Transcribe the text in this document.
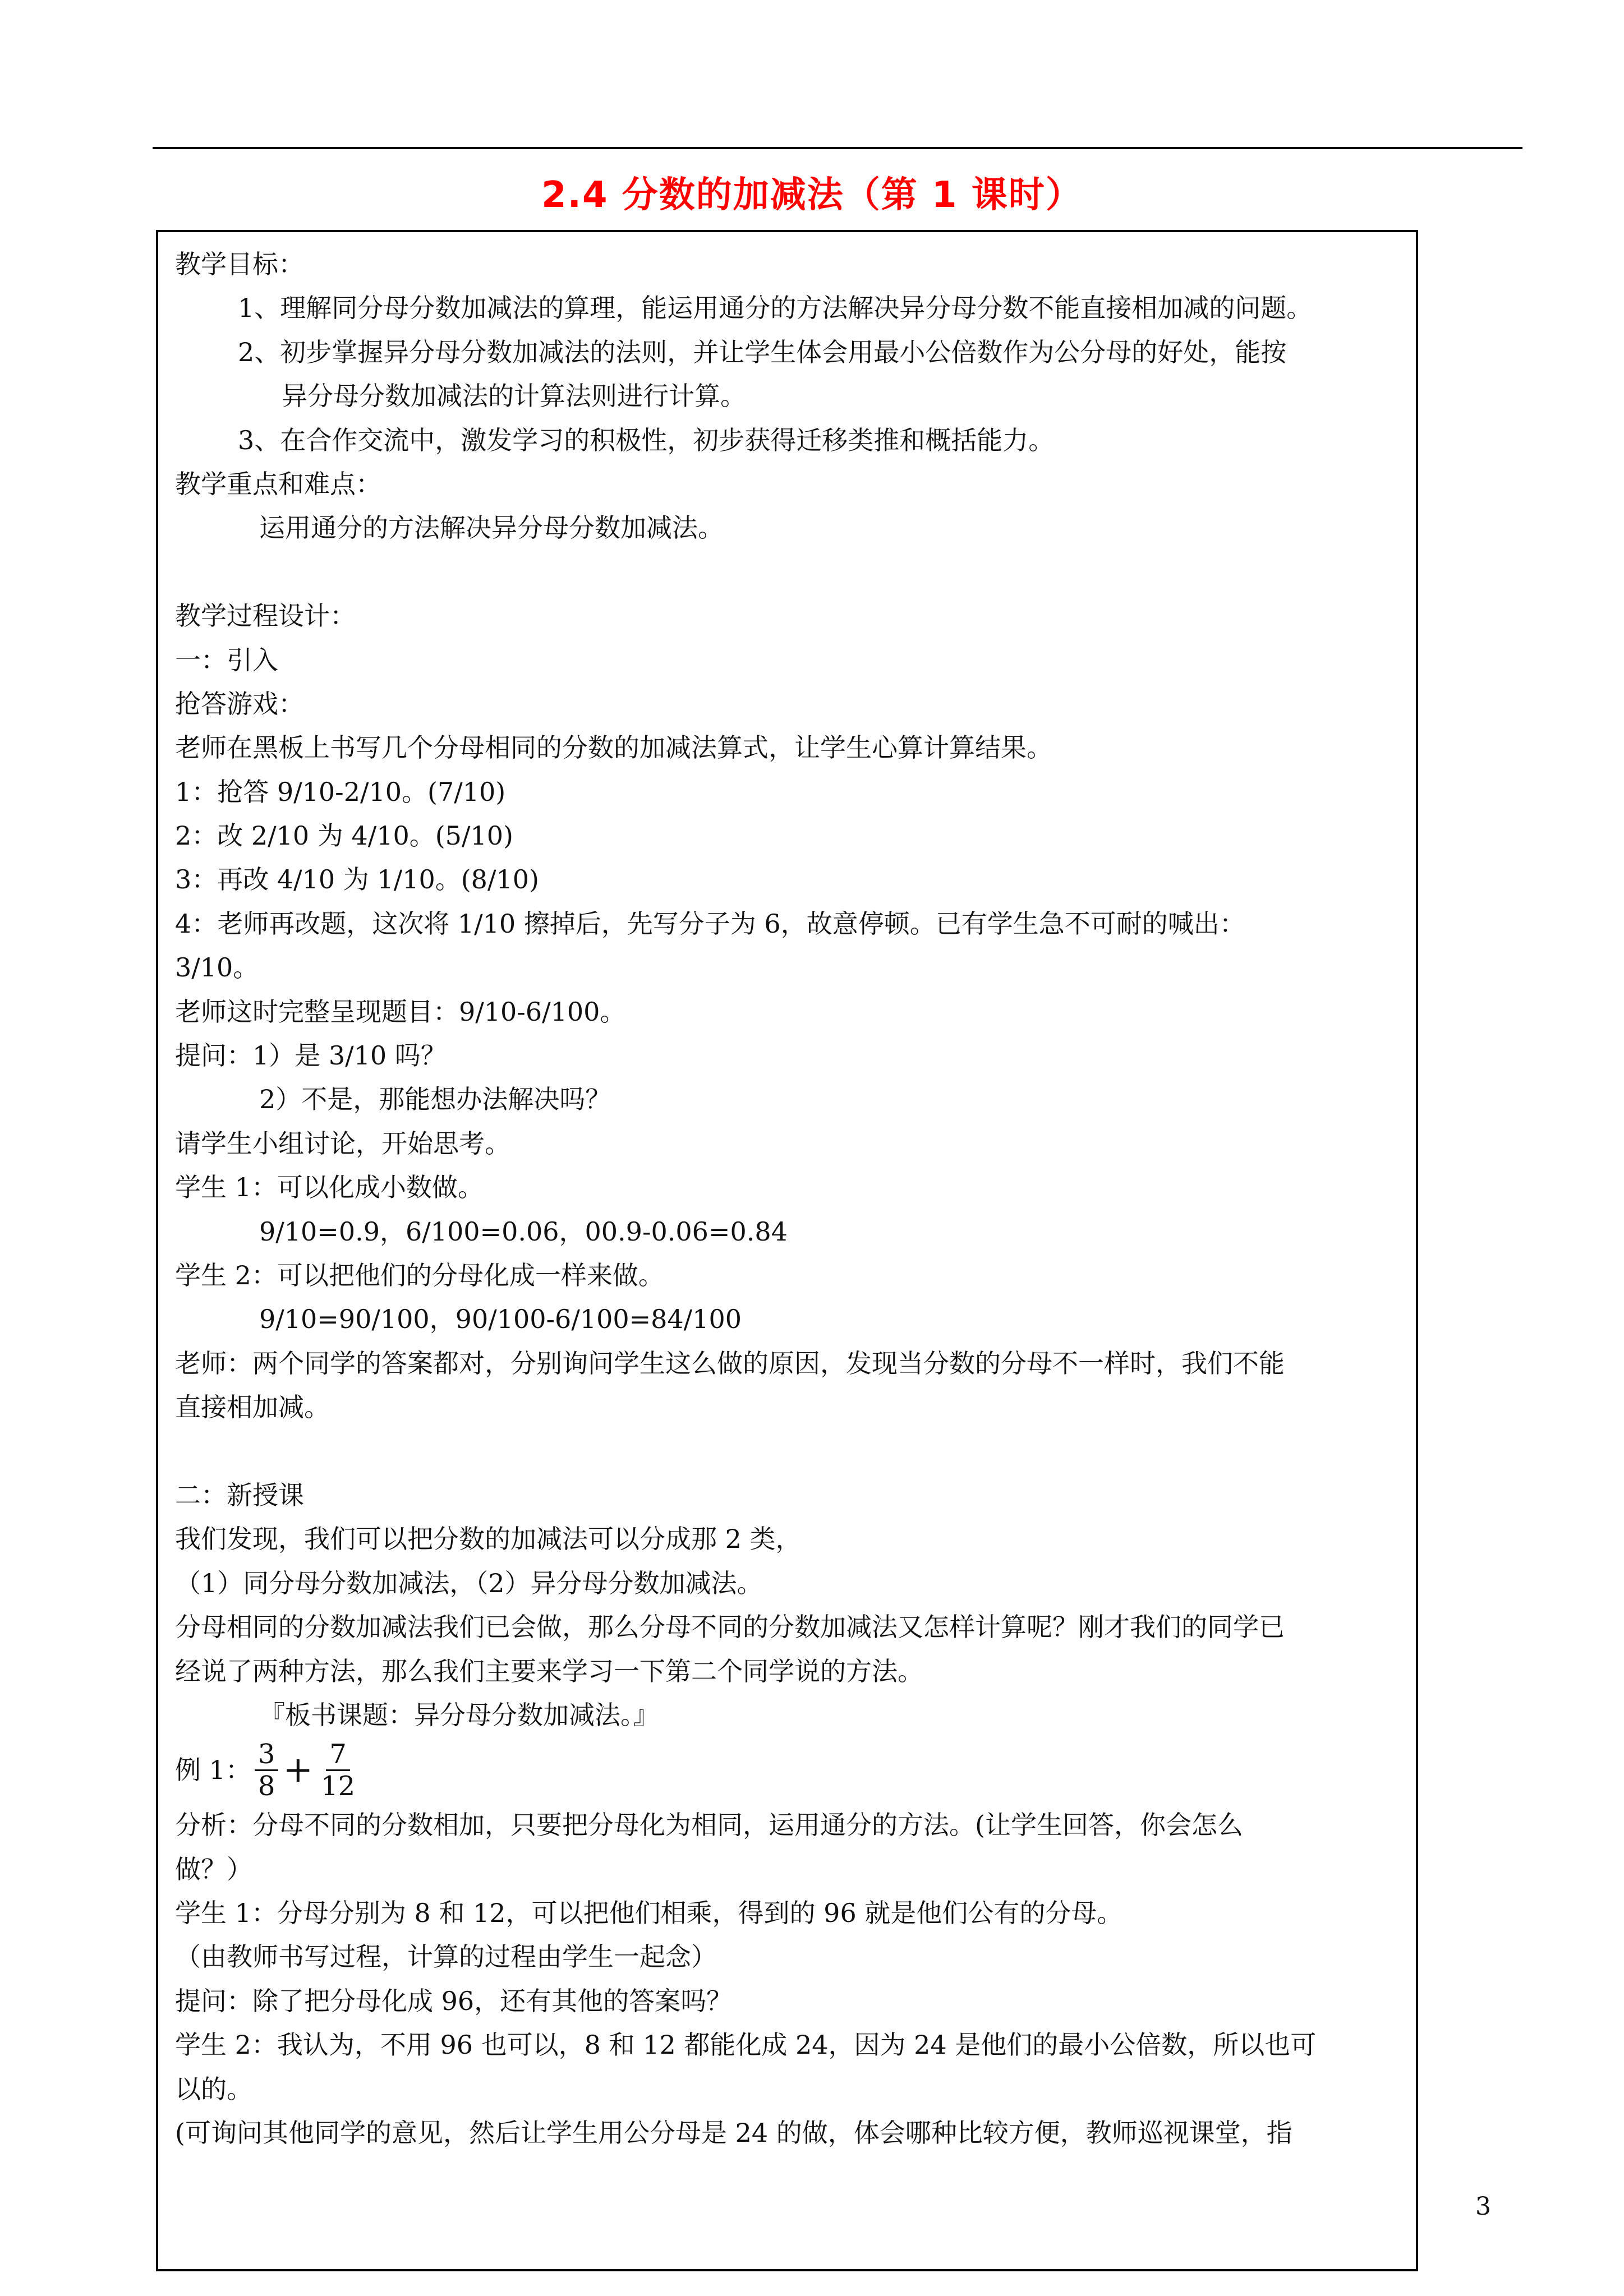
2.4 分数的加减法（第 1 课时）
教学目标：
1、理解同分母分数加减法的算理，能运用通分的方法解决异分母分数不能直接相加减的问题。
2、初步掌握异分母分数加减法的法则，并让学生体会用最小公倍数作为公分母的好处，能按
异分母分数加减法的计算法则进行计算。
3、在合作交流中，激发学习的积极性，初步获得迁移类推和概括能力。
教学重点和难点：
运用通分的方法解决异分母分数加减法。
教学过程设计：
一：引入
抢答游戏：
老师在黑板上书写几个分母相同的分数的加减法算式，让学生心算计算结果。
1：抢答 9/10-2/10。(7/10)
2：改 2/10 为 4/10。(5/10)
3：再改 4/10 为 1/10。(8/10)
4：老师再改题，这次将 1/10 擦掉后，先写分子为 6，故意停顿。已有学生急不可耐的喊出：
3/10。
老师这时完整呈现题目：9/10-6/100。
提问：1）是 3/10 吗？
2）不是，那能想办法解决吗？
请学生小组讨论，开始思考。
学生 1：可以化成小数做。
9/10=0.9，6/100=0.06，00.9-0.06=0.84
学生 2：可以把他们的分母化成一样来做。
9/10=90/100，90/100-6/100=84/100
老师：两个同学的答案都对，分别询问学生这么做的原因，发现当分数的分母不一样时，我们不能
直接相加减。
二：新授课
我们发现，我们可以把分数的加减法可以分成那 2 类，
（1）同分母分数加减法，（2）异分母分数加减法。
分母相同的分数加减法我们已会做，那么分母不同的分数加减法又怎样计算呢？刚才我们的同学已
经说了两种方法，那么我们主要来学习一下第二个同学说的方法。
『板书课题：异分母分数加减法。』
例 1： $\frac{3}{8} + \frac{7}{12}$
分析：分母不同的分数相加，只要把分母化为相同，运用通分的方法。(让学生回答，你会怎么
做？）
学生 1：分母分别为 8 和 12，可以把他们相乘，得到的 96 就是他们公有的分母。
（由教师书写过程，计算的过程由学生一起念）
提问：除了把分母化成 96，还有其他的答案吗？
学生 2：我认为，不用 96 也可以，8 和 12 都能化成 24，因为 24 是他们的最小公倍数，所以也可
以的。
(可询问其他同学的意见，然后让学生用公分母是 24 的做，体会哪种比较方便，教师巡视课堂，指
3
